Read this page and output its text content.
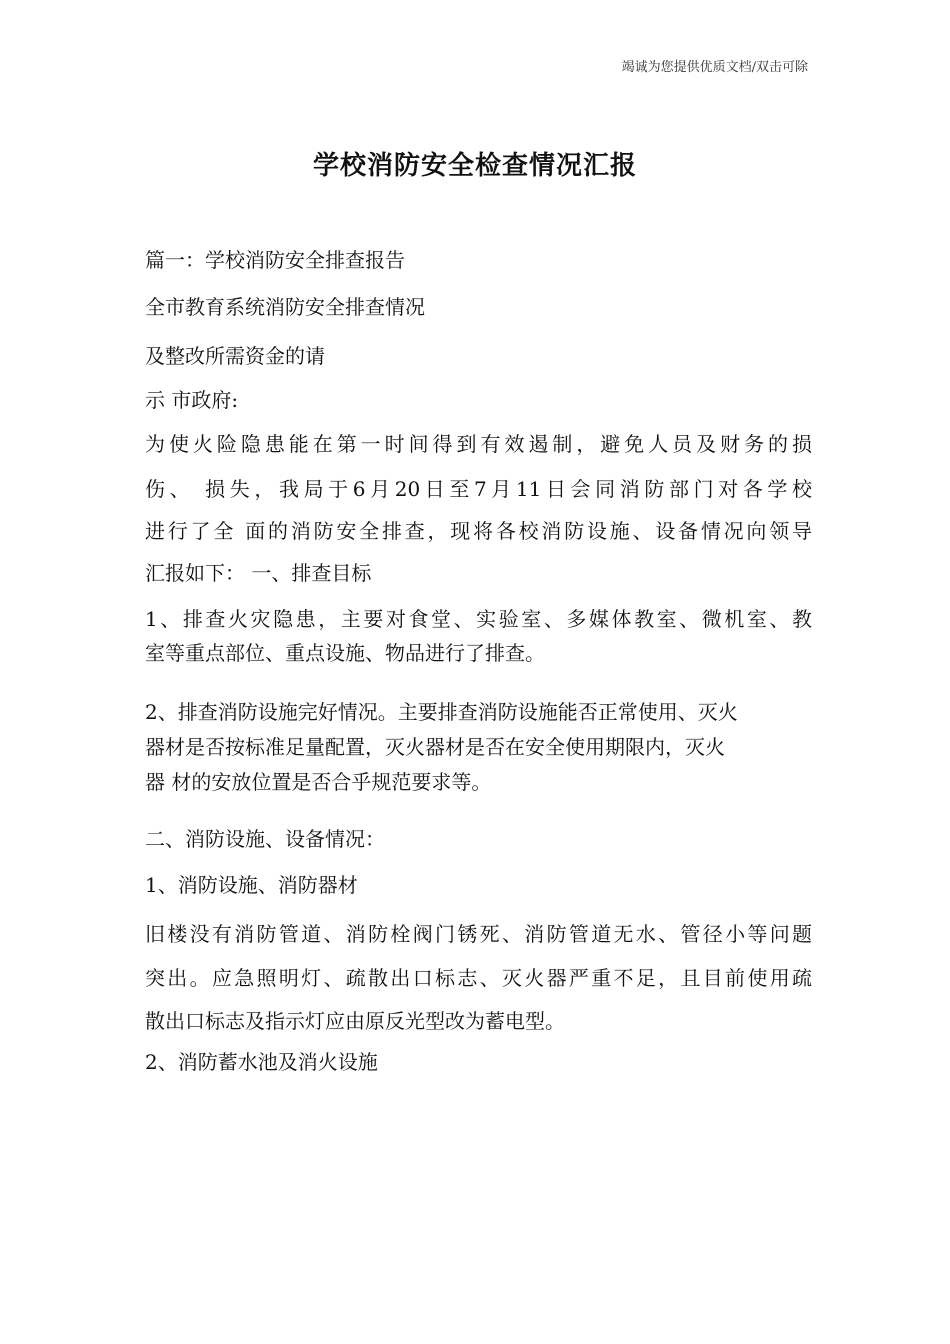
竭诚为您提供优质文档/双击可除
学校消防安全检查情况汇报
篇一：学校消防安全排查报告
全市教育系统消防安全排查情况
及整改所需资金的请
示 市政府:
为使火险隐患能在第一时间得到有效遏制，避免人员及财务的损
伤、 损失，我局于6月20日至7月11日会同消防部门对各学校
进行了全 面的消防安全排查，现将各校消防设施、设备情况向领导
汇报如下： 一、排查目标
1、排查火灾隐患，主要对食堂、实验室、多媒体教室、微机室、教
室等重点部位、重点设施、物品进行了排查。
2、排查消防设施完好情况。主要排查消防设施能否正常使用、灭火
器材是否按标准足量配置，灭火器材是否在安全使用期限内，灭火
器 材的安放位置是否合乎规范要求等。
二、消防设施、设备情况：
1、消防设施、消防器材
旧楼没有消防管道、消防栓阀门锈死、消防管道无水、管径小等问题
突出。应急照明灯、疏散出口标志、灭火器严重不足，且目前使用疏
散出口标志及指示灯应由原反光型改为蓄电型。
2、消防蓄水池及消火设施
